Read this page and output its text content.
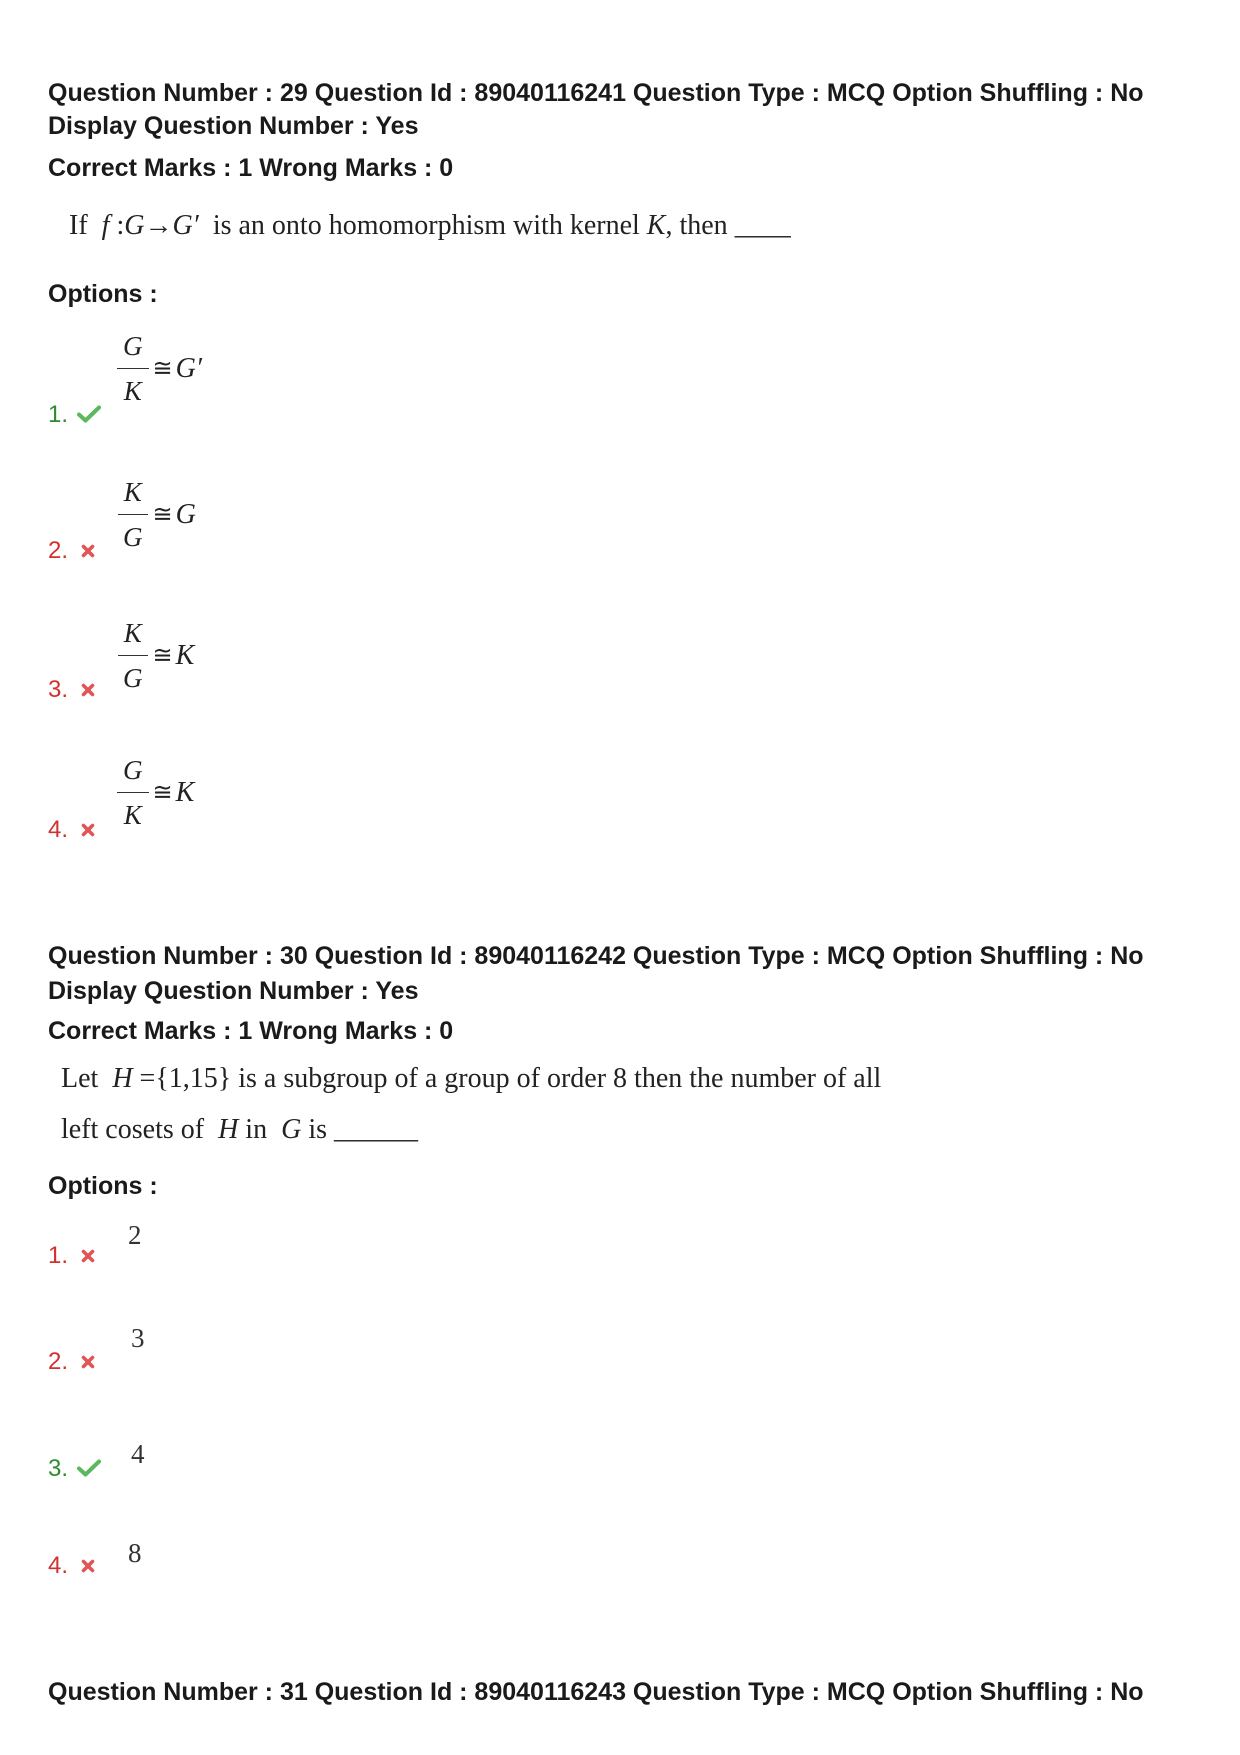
Question Number : 29 Question Id : 89040116241 Question Type : MCQ Option Shuffling : No
Display Question Number : Yes
Correct Marks : 1 Wrong Marks : 0
If f :G→G′ is an onto homomorphism with kernel K, then ____
Options :
1.
$\frac{G}{K}$ ≅ G′
2. $\frac{K}{G}$ ≅ G
3. $\frac{K}{G}$ ≅ K
4. $\frac{G}{K}$ ≅ K
Question Number : 30 Question Id : 89040116242 Question Type : MCQ Option Shuffling : No
Display Question Number : Yes
Correct Marks : 1 Wrong Marks : 0
Let H ={1,15} is a subgroup of a group of order 8 then the number of all
left cosets of H in G is ______
Options :
1.
2
2.
3
3. 4
4. 8
Question Number : 31 Question Id : 89040116243 Question Type : MCQ Option Shuffling : No
